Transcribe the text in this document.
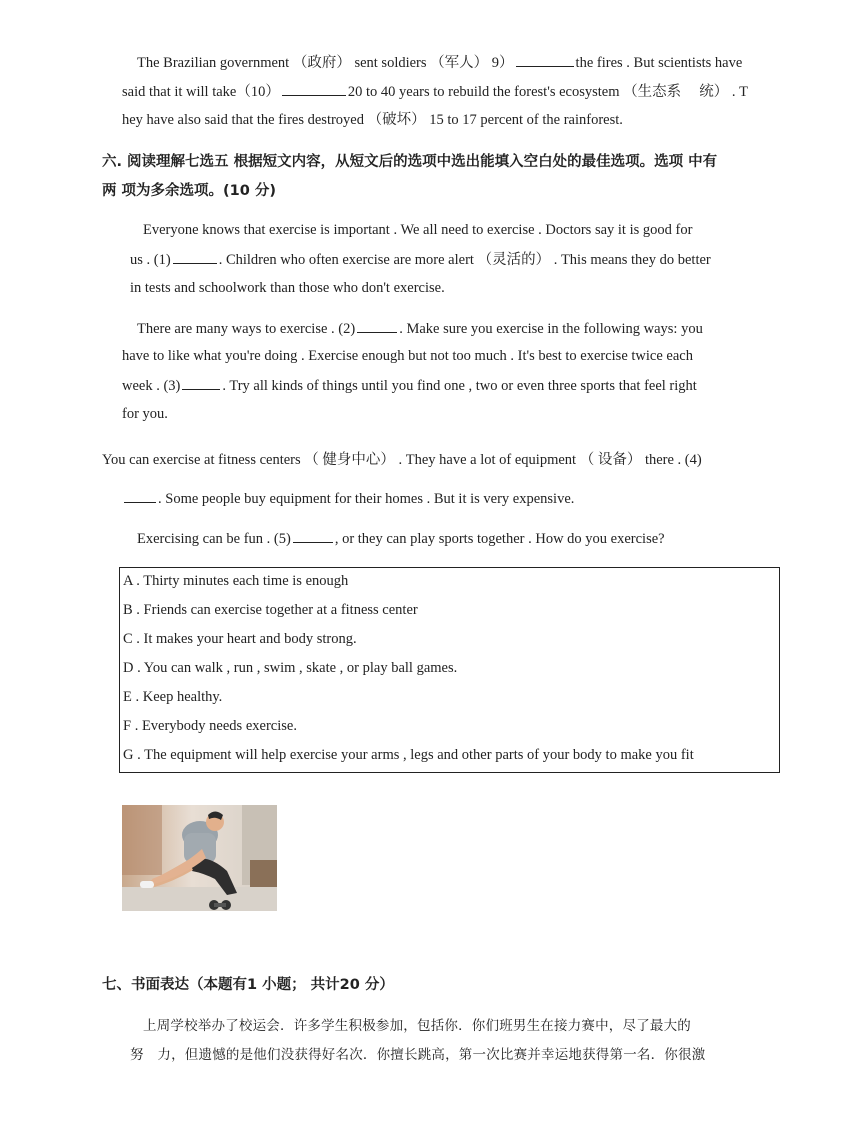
The Brazilian government （政府） sent soldiers （军人） 9）	the fires . But scientists have
said that it will take（10）	20 to 40 years to rebuild the forest's ecosystem （生态系　 统） . T
hey have also said that the fires destroyed （破坏） 15 to 17 percent of the rainforest.
六. 阅读理解七选五 根据短文内容，从短文后的选项中选出能填入空白处的最佳选项。选项 中有
两 项为多余选项。(10 分)
Everyone knows that exercise is important . We all need to exercise . Doctors say it is good for
us . (1)	. Children who often exercise are more alert （灵活的） . This means they do better
in tests and schoolwork than those who don't exercise.
There are many ways to exercise . (2)	. Make sure you exercise in the following ways: you
have to like what you're doing . Exercise enough but not too much . It's best to exercise twice each
week . (3)	. Try all kinds of things until you find one , two or even three sports that feel right
for you.
You can exercise at fitness centers （ 健身中心） . They have a lot of equipment （ 设备） there . (4)
. Some people buy equipment for their homes . But it is very expensive.
Exercising can be fun . (5)	, or they can play sports together . How do you exercise?
A . Thirty minutes each time is enough
B . Friends can exercise together at a fitness center
C . It makes your heart and body strong.
D . You can walk , run , swim , skate , or play ball games.
E . Keep healthy.
F . Everybody needs exercise.
G . The equipment will help exercise your arms , legs and other parts of your body to make you fit
七、书面表达（本题有1 小题； 共计20 分）
上周学校举办了校运会．许多学生积极参加，包括你．你们班男生在接力赛中，尽了最大的
努　力，但遗憾的是他们没获得好名次．你擅长跳高，第一次比赛并幸运地获得第一名．你很激
